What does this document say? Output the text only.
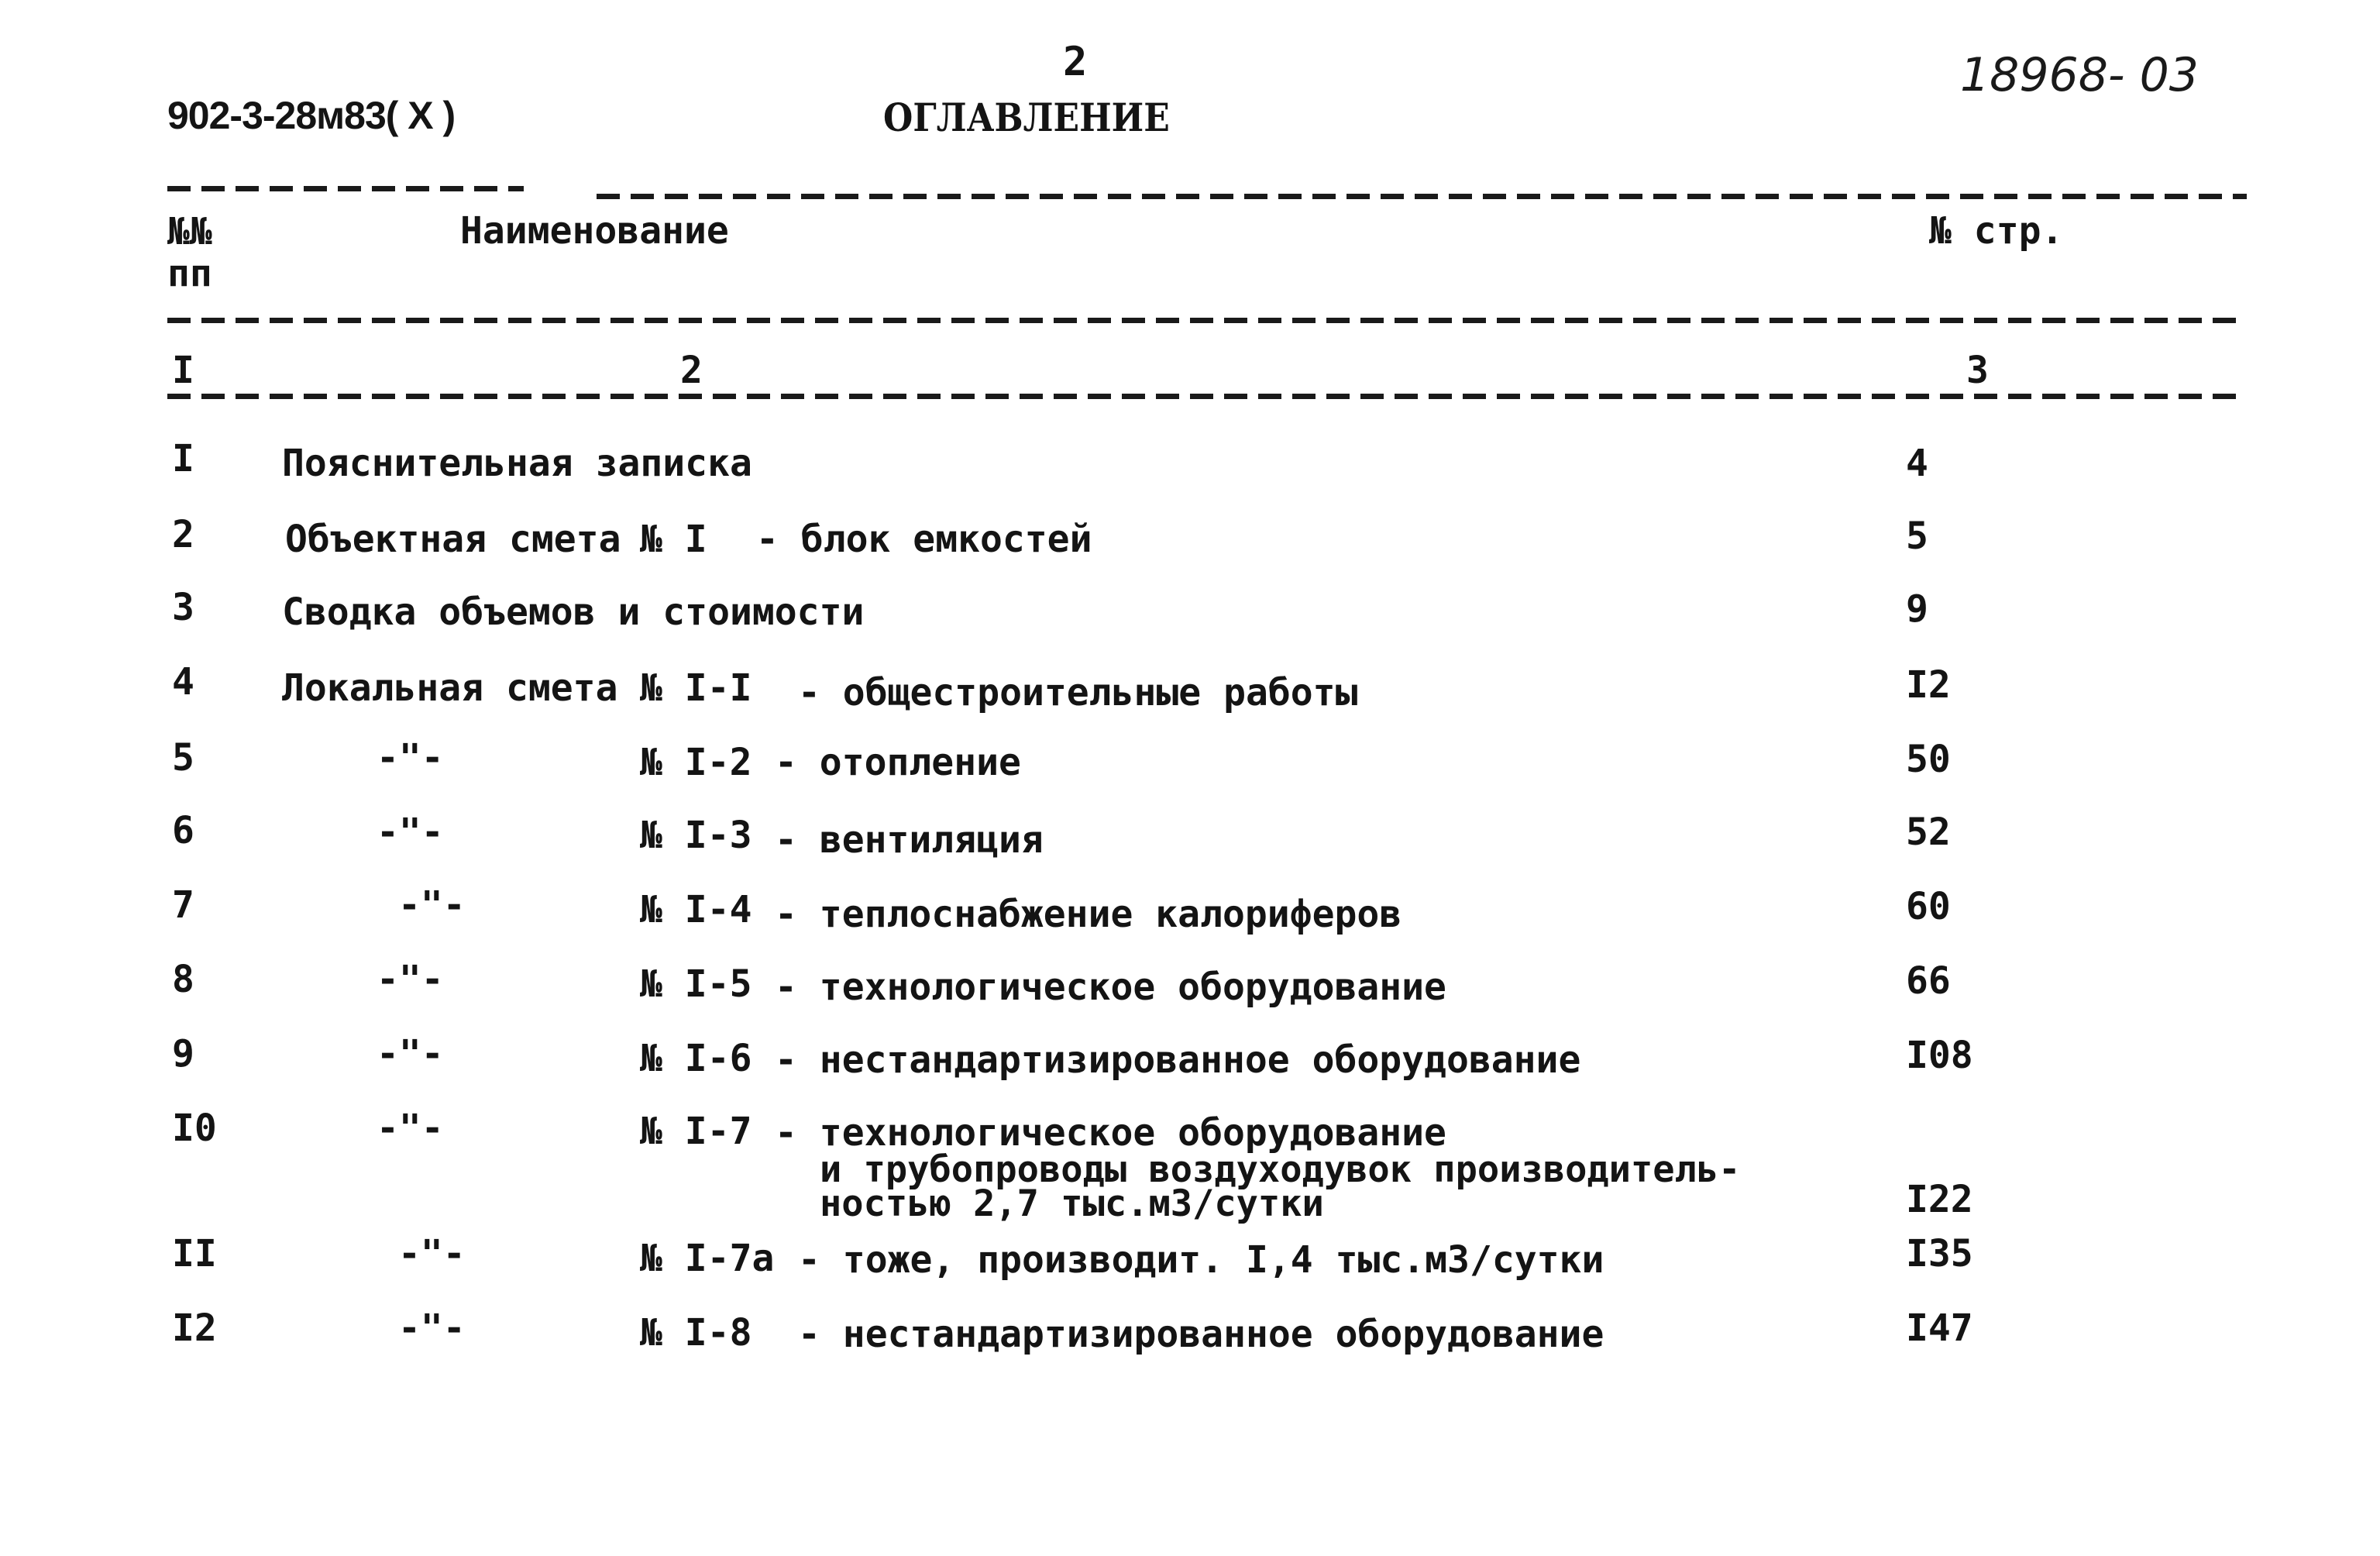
902-3-28м83( X )
2
ОГЛАВЛЕНИЕ
18968- 03
№№
пп
Наименование	№ стр.
I	2	3
I Пояснительная записка	4
2 Объектная смета № I - блок емкостей	5
3 Сводка объемов и стоимости	9
4 Локальная смета № I-I - общестроительные работы	I2
5	-"-	№ I-2 - отопление	50
6	-"-	№ I-3 - вентиляция	52
7	-"-	№ I-4 - теплоснабжение калориферов	60
8	-"-	№ I-5 - технологическое оборудование	66
9	-"-	№ I-6 - нестандартизированное оборудование	I08
I0	-"-	№ I-7 - технологическое оборудование
и трубопроводы воздуходувок производитель-
ностью 2,7 тыс.м3/сутки	I22
II	-"-	№ I-7а - тоже, производит. I,4 тыс.м3/сутки	I35
I2	-"-	№ I-8 - нестандартизированное оборудование	I47
